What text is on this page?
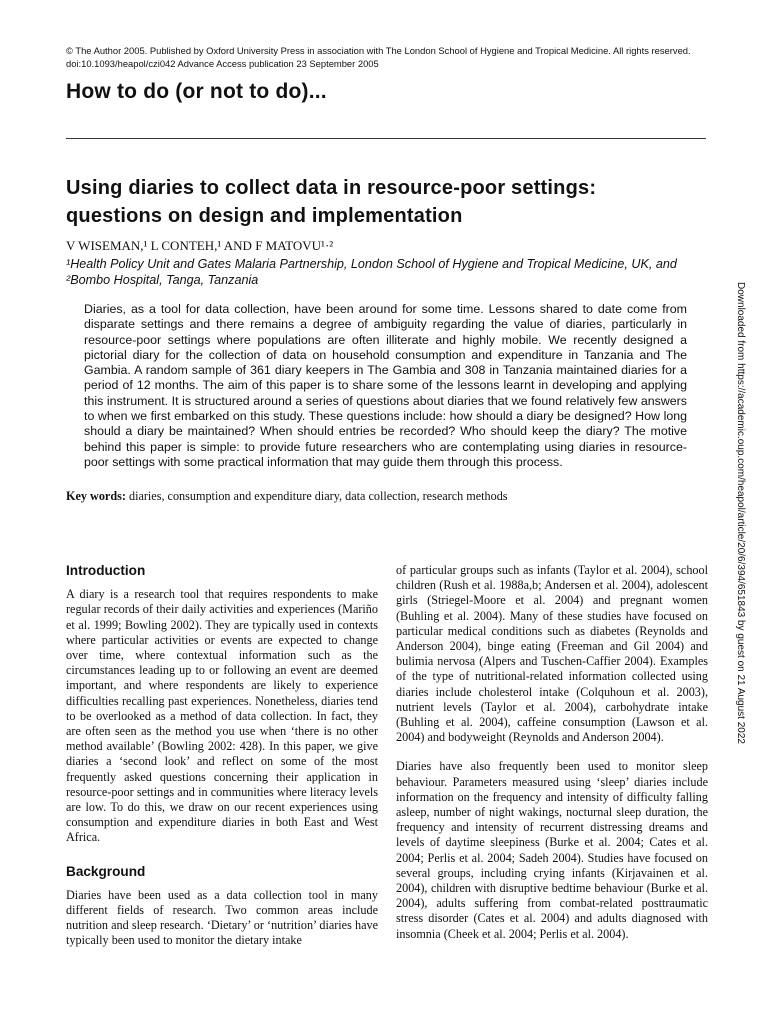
© The Author 2005. Published by Oxford University Press in association with The London School of Hygiene and Tropical Medicine. All rights reserved.
doi:10.1093/heapol/czi042 Advance Access publication 23 September 2005
How to do (or not to do)...
Using diaries to collect data in resource-poor settings:
questions on design and implementation
V WISEMAN,¹ L CONTEH,¹ AND F MATOVU¹·²
¹Health Policy Unit and Gates Malaria Partnership, London School of Hygiene and Tropical Medicine, UK, and
²Bombo Hospital, Tanga, Tanzania
Diaries, as a tool for data collection, have been around for some time. Lessons shared to date come from disparate settings and there remains a degree of ambiguity regarding the value of diaries, particularly in resource-poor settings where populations are often illiterate and highly mobile. We recently designed a pictorial diary for the collection of data on household consumption and expenditure in Tanzania and The Gambia. A random sample of 361 diary keepers in The Gambia and 308 in Tanzania maintained diaries for a period of 12 months. The aim of this paper is to share some of the lessons learnt in developing and applying this instrument. It is structured around a series of questions about diaries that we found relatively few answers to when we first embarked on this study. These questions include: how should a diary be designed? How long should a diary be maintained? When should entries be recorded? Who should keep the diary? The motive behind this paper is simple: to provide future researchers who are contemplating using diaries in resource-poor settings with some practical information that may guide them through this process.
Key words: diaries, consumption and expenditure diary, data collection, research methods
Introduction

A diary is a research tool that requires respondents to make regular records of their daily activities and experiences (Mariño et al. 1999; Bowling 2002). They are typically used in contexts where particular activities or events are expected to change over time, where contextual information such as the circumstances leading up to or following an event are deemed important, and where respondents are likely to experience difficulties recalling past experiences. Nonetheless, diaries tend to be overlooked as a method of data collection. In fact, they are often seen as the method you use when ‘there is no other method available’ (Bowling 2002: 428). In this paper, we give diaries a ‘second look’ and reflect on some of the most frequently asked questions concerning their application in resource-poor settings and in communities where literacy levels are low. To do this, we draw on our recent experiences using consumption and expenditure diaries in both East and West Africa.

Background

Diaries have been used as a data collection tool in many different fields of research. Two common areas include nutrition and sleep research. ‘Dietary’ or ‘nutrition’ diaries have typically been used to monitor the dietary intake

of particular groups such as infants (Taylor et al. 2004), school children (Rush et al. 1988a,b; Andersen et al. 2004), adolescent girls (Striegel-Moore et al. 2004) and pregnant women (Buhling et al. 2004). Many of these studies have focused on particular medical conditions such as diabetes (Reynolds and Anderson 2004), binge eating (Freeman and Gil 2004) and bulimia nervosa (Alpers and Tuschen-Caffier 2004). Examples of the type of nutritional-related information collected using diaries include cholesterol intake (Colquhoun et al. 2003), nutrient levels (Taylor et al. 2004), carbohydrate intake (Buhling et al. 2004), caffeine consumption (Lawson et al. 2004) and bodyweight (Reynolds and Anderson 2004).

Diaries have also frequently been used to monitor sleep behaviour. Parameters measured using ‘sleep’ diaries include information on the frequency and intensity of difficulty falling asleep, number of night wakings, nocturnal sleep duration, the frequency and intensity of recurrent distressing dreams and levels of daytime sleepiness (Burke et al. 2004; Cates et al. 2004; Perlis et al. 2004; Sadeh 2004). Studies have focused on several groups, including crying infants (Kirjavainen et al. 2004), children with disruptive bedtime behaviour (Burke et al. 2004), adults suffering from combat-related posttraumatic stress disorder (Cates et al. 2004) and adults diagnosed with insomnia (Cheek et al. 2004; Perlis et al. 2004).

Downloaded from https://academic.oup.com/heapol/article/20/6/394/651843 by guest on 21 August 2022
